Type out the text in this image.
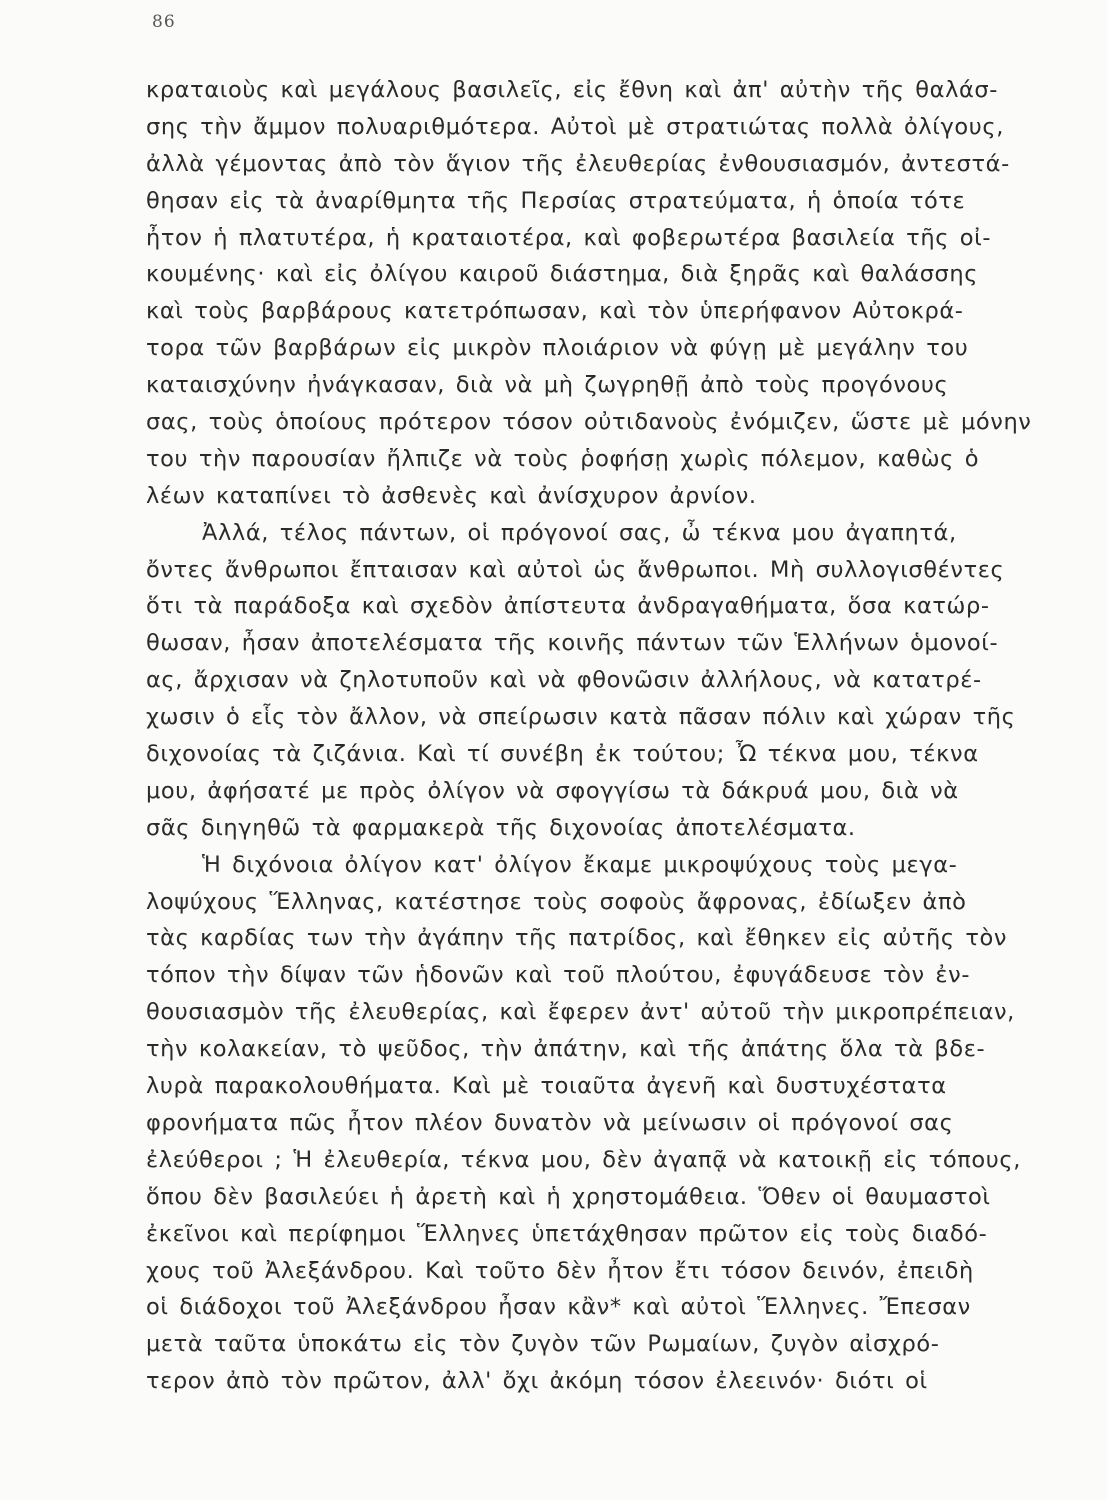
86
κραταιοὺς καὶ μεγάλους βασιλεῖς, εἰς ἔθνη καὶ ἀπ' αὐτὴν τῆς θαλάσ-
σης τὴν ἄμμον πολυαριθμότερα. Αὐτοὶ μὲ στρατιώτας πολλὰ ὀλίγους,
ἀλλὰ γέμοντας ἀπὸ τὸν ἅγιον τῆς ἐλευθερίας ἐνθουσιασμόν, ἀντεστά-
θησαν εἰς τὰ ἀναρίθμητα τῆς Περσίας στρατεύματα, ἡ ὁποία τότε
ἦτον ἡ πλατυτέρα, ἡ κραταιοτέρα, καὶ φοβερωτέρα βασιλεία τῆς οἰ-
κουμένης· καὶ εἰς ὀλίγου καιροῦ διάστημα, διὰ ξηρᾶς καὶ θαλάσσης
καὶ τοὺς βαρβάρους κατετρόπωσαν, καὶ τὸν ὑπερήφανον Αὐτοκρά-
τορα τῶν βαρβάρων εἰς μικρὸν πλοιάριον νὰ φύγῃ μὲ μεγάλην του
καταισχύνην ἠνάγκασαν, διὰ νὰ μὴ ζωγρηθῇ ἀπὸ τοὺς προγόνους
σας, τοὺς ὁποίους πρότερον τόσον οὐτιδανοὺς ἐνόμιζεν, ὥστε μὲ μόνην
του τὴν παρουσίαν ἤλπιζε νὰ τοὺς ῥοφήσῃ χωρὶς πόλεμον, καθὼς ὁ
λέων καταπίνει τὸ ἀσθενὲς καὶ ἀνίσχυρον ἀρνίον.
Ἀλλά, τέλος πάντων, οἱ πρόγονοί σας, ὦ τέκνα μου ἀγαπητά,
ὄντες ἄνθρωποι ἔπταισαν καὶ αὐτοὶ ὡς ἄνθρωποι. Μὴ συλλογισθέντες
ὅτι τὰ παράδοξα καὶ σχεδὸν ἀπίστευτα ἀνδραγαθήματα, ὅσα κατώρ-
θωσαν, ἦσαν ἀποτελέσματα τῆς κοινῆς πάντων τῶν Ἑλλήνων ὁμονοί-
ας, ἄρχισαν νὰ ζηλοτυποῦν καὶ νὰ φθονῶσιν ἀλλήλους, νὰ κατατρέ-
χωσιν ὁ εἷς τὸν ἄλλον, νὰ σπείρωσιν κατὰ πᾶσαν πόλιν καὶ χώραν τῆς
διχονοίας τὰ ζιζάνια. Καὶ τί συνέβη ἐκ τούτου; Ὦ τέκνα μου, τέκνα
μου, ἀφήσατέ με πρὸς ὀλίγον νὰ σφογγίσω τὰ δάκρυά μου, διὰ νὰ
σᾶς διηγηθῶ τὰ φαρμακερὰ τῆς διχονοίας ἀποτελέσματα.
Ἡ διχόνοια ὀλίγον κατ' ὀλίγον ἔκαμε μικροψύχους τοὺς μεγα-
λοψύχους Ἕλληνας, κατέστησε τοὺς σοφοὺς ἄφρονας, ἐδίωξεν ἀπὸ
τὰς καρδίας των τὴν ἀγάπην τῆς πατρίδος, καὶ ἔθηκεν εἰς αὐτῆς τὸν
τόπον τὴν δίψαν τῶν ἡδονῶν καὶ τοῦ πλούτου, ἐφυγάδευσε τὸν ἐν-
θουσιασμὸν τῆς ἐλευθερίας, καὶ ἔφερεν ἀντ' αὐτοῦ τὴν μικροπρέπειαν,
τὴν κολακείαν, τὸ ψεῦδος, τὴν ἀπάτην, καὶ τῆς ἀπάτης ὅλα τὰ βδε-
λυρὰ παρακολουθήματα. Καὶ μὲ τοιαῦτα ἀγενῆ καὶ δυστυχέστατα
φρονήματα πῶς ἦτον πλέον δυνατὸν νὰ μείνωσιν οἱ πρόγονοί σας
ἐλεύθεροι ; Ἡ ἐλευθερία, τέκνα μου, δὲν ἀγαπᾷ νὰ κατοικῇ εἰς τόπους,
ὅπου δὲν βασιλεύει ἡ ἀρετὴ καὶ ἡ χρηστομάθεια. Ὅθεν οἱ θαυμαστοὶ
ἐκεῖνοι καὶ περίφημοι Ἕλληνες ὑπετάχθησαν πρῶτον εἰς τοὺς διαδό-
χους τοῦ Ἀλεξάνδρου. Καὶ τοῦτο δὲν ἦτον ἔτι τόσον δεινόν, ἐπειδὴ
οἱ διάδοχοι τοῦ Ἀλεξάνδρου ἦσαν κἂν* καὶ αὐτοὶ Ἕλληνες. Ἔπεσαν
μετὰ ταῦτα ὑποκάτω εἰς τὸν ζυγὸν τῶν Ρωμαίων, ζυγὸν αἰσχρό-
τερον ἀπὸ τὸν πρῶτον, ἀλλ' ὄχι ἀκόμη τόσον ἐλεεινόν· διότι οἱ
